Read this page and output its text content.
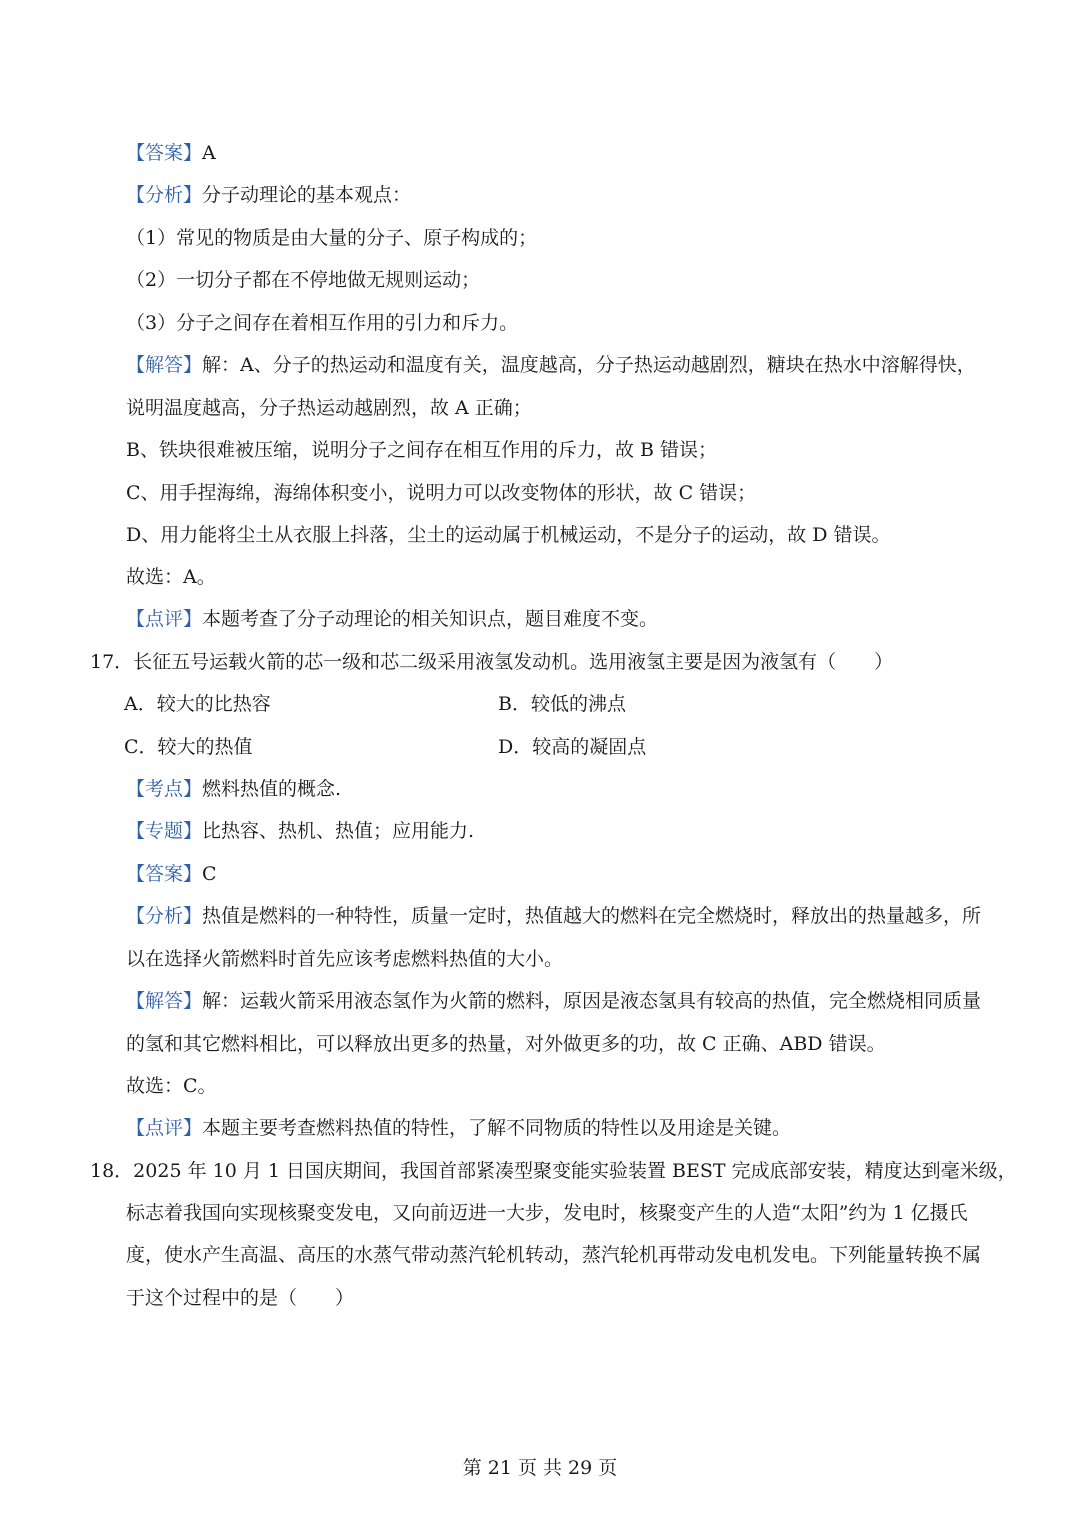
【答案】A
【分析】分子动理论的基本观点：
（1）常见的物质是由大量的分子、原子构成的；
（2）一切分子都在不停地做无规则运动；
（3）分子之间存在着相互作用的引力和斥力。
【解答】解：A、分子的热运动和温度有关，温度越高，分子热运动越剧烈，糖块在热水中溶解得快，
说明温度越高，分子热运动越剧烈，故 A 正确；
B、铁块很难被压缩，说明分子之间存在相互作用的斥力，故 B 错误；
C、用手捏海绵，海绵体积变小，说明力可以改变物体的形状，故 C 错误；
D、用力能将尘土从衣服上抖落，尘土的运动属于机械运动，不是分子的运动，故 D 错误。
故选：A。
【点评】本题考查了分子动理论的相关知识点，题目难度不变。
17．长征五号运载火箭的芯一级和芯二级采用液氢发动机。选用液氢主要是因为液氢有（　　）
A．较大的比热容	B．较低的沸点
C．较大的热值	D．较高的凝固点
【考点】燃料热值的概念.
【专题】比热容、热机、热值；应用能力.
【答案】C
【分析】热值是燃料的一种特性，质量一定时，热值越大的燃料在完全燃烧时，释放出的热量越多，所
以在选择火箭燃料时首先应该考虑燃料热值的大小。
【解答】解：运载火箭采用液态氢作为火箭的燃料，原因是液态氢具有较高的热值，完全燃烧相同质量
的氢和其它燃料相比，可以释放出更多的热量，对外做更多的功，故 C 正确、ABD 错误。
故选：C。
【点评】本题主要考查燃料热值的特性，了解不同物质的特性以及用途是关键。
18．2025 年 10 月 1 日国庆期间，我国首部紧凑型聚变能实验装置 BEST 完成底部安装，精度达到毫米级，
标志着我国向实现核聚变发电，又向前迈进一大步，发电时，核聚变产生的人造“太阳”约为 1 亿摄氏
度，使水产生高温、高压的水蒸气带动蒸汽轮机转动，蒸汽轮机再带动发电机发电。下列能量转换不属
于这个过程中的是（　　）
第 21 页 共 29 页
